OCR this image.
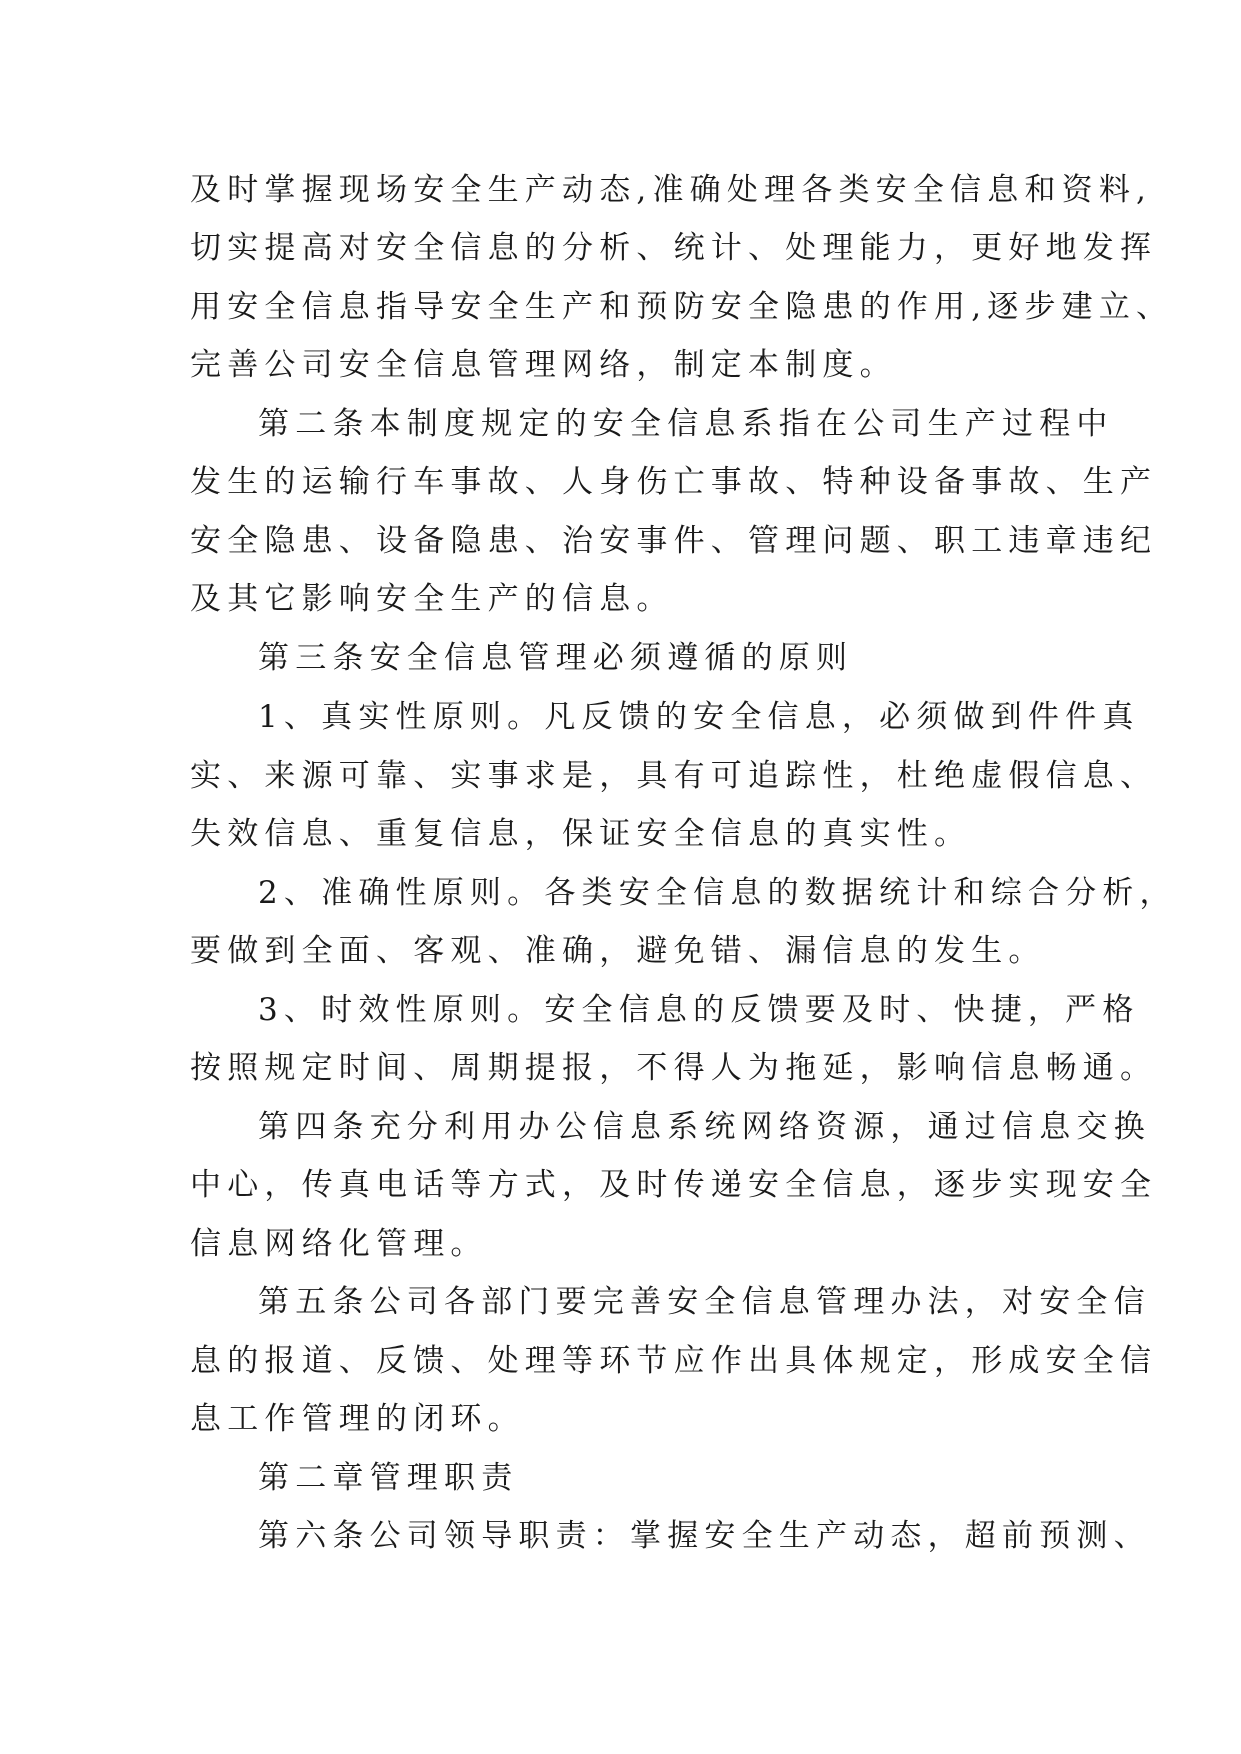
及时掌握现场安全生产动态,准确处理各类安全信息和资料,
切实提高对安全信息的分析、统计、处理能力，更好地发挥
用安全信息指导安全生产和预防安全隐患的作用,逐步建立、
完善公司安全信息管理网络，制定本制度。
第二条本制度规定的安全信息系指在公司生产过程中
发生的运输行车事故、人身伤亡事故、特种设备事故、生产
安全隐患、设备隐患、治安事件、管理问题、职工违章违纪
及其它影响安全生产的信息。
第三条安全信息管理必须遵循的原则
1、真实性原则。凡反馈的安全信息，必须做到件件真
实、来源可靠、实事求是，具有可追踪性，杜绝虚假信息、
失效信息、重复信息，保证安全信息的真实性。
2、准确性原则。各类安全信息的数据统计和综合分析，
要做到全面、客观、准确，避免错、漏信息的发生。
3、时效性原则。安全信息的反馈要及时、快捷，严格
按照规定时间、周期提报，不得人为拖延，影响信息畅通。
第四条充分利用办公信息系统网络资源，通过信息交换
中心，传真电话等方式，及时传递安全信息，逐步实现安全
信息网络化管理。
第五条公司各部门要完善安全信息管理办法，对安全信
息的报道、反馈、处理等环节应作出具体规定，形成安全信
息工作管理的闭环。
第二章管理职责
第六条公司领导职责：掌握安全生产动态，超前预测、
